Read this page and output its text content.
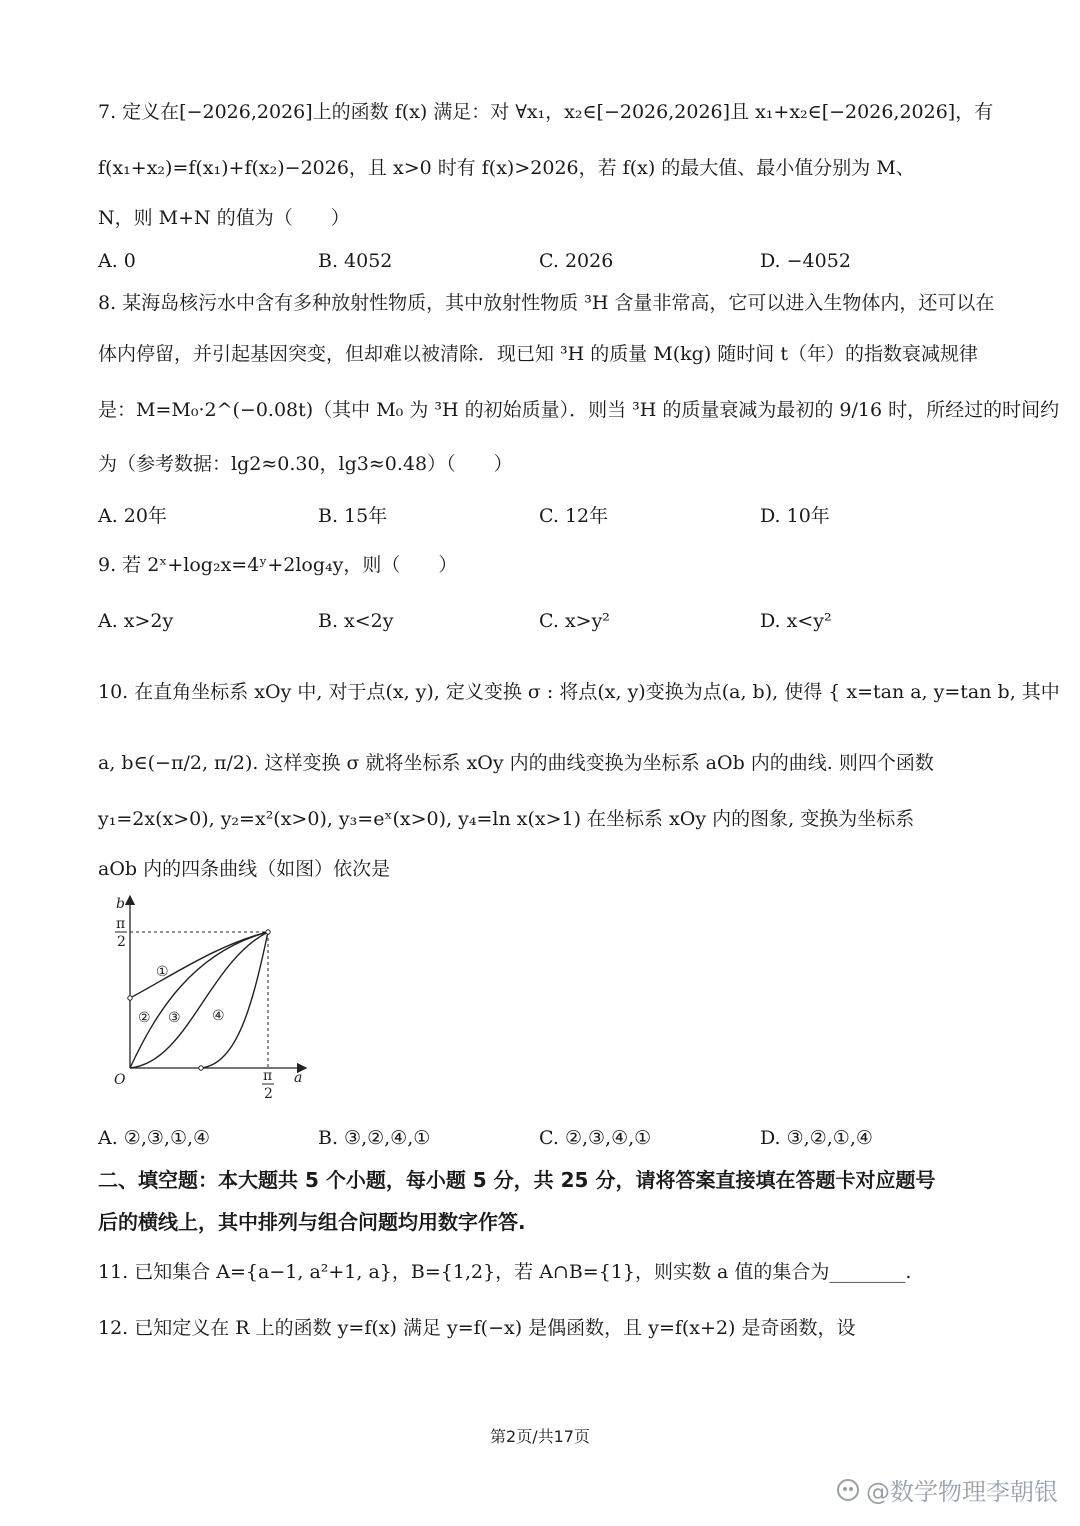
7. 定义在[−2026,2026]上的函数 f(x) 满足：对 ∀x₁，x₂∈[−2026,2026]且 x₁+x₂∈[−2026,2026]，有
f(x₁+x₂)=f(x₁)+f(x₂)−2026，且 x>0 时有 f(x)>2026，若 f(x) 的最大值、最小值分别为 M、
N，则 M+N 的值为（　　）
A. 0	B. 4052	C. 2026	D. −4052
8. 某海岛核污水中含有多种放射性物质，其中放射性物质 ³H 含量非常高，它可以进入生物体内，还可以在
体内停留，并引起基因突变，但却难以被清除．现已知 ³H 的质量 M(kg) 随时间 t（年）的指数衰减规律
是：M=M₀·2^(−0.08t)（其中 M₀ 为 ³H 的初始质量）．则当 ³H 的质量衰减为最初的 9/16 时，所经过的时间约
为（参考数据：lg2≈0.30，lg3≈0.48）（　　）
A. 20年	B. 15年	C. 12年	D. 10年
9. 若 2ˣ+log₂x=4ʸ+2log₄y，则（　　）
A. x>2y	B. x<2y	C. x>y²	D. x<y²
10. 在直角坐标系 xOy 中, 对于点(x, y), 定义变换 σ : 将点(x, y)变换为点(a, b), 使得 { x=tan a, y=tan b, 其中
a, b∈(−π/2, π/2). 这样变换 σ 就将坐标系 xOy 内的曲线变换为坐标系 aOb 内的曲线. 则四个函数
y₁=2x(x>0), y₂=x²(x>0), y₃=eˣ(x>0), y₄=ln x(x>1) 在坐标系 xOy 内的图象, 变换为坐标系
aOb 内的四条曲线（如图）依次是
b
π
2
O	a
π
2
①
② ③ ④
A. ②,③,①,④	B. ③,②,④,①	C. ②,③,④,①	D. ③,②,①,④
二、填空题：本大题共 5 个小题，每小题 5 分，共 25 分，请将答案直接填在答题卡对应题号
后的横线上，其中排列与组合问题均用数字作答.
11. 已知集合 A={a−1, a²+1, a}，B={1,2}，若 A∩B={1}，则实数 a 值的集合为________.
12. 已知定义在 R 上的函数 y=f(x) 满足 y=f(−x) 是偶函数，且 y=f(x+2) 是奇函数，设
第2页/共17页
@数学物理李朝银
